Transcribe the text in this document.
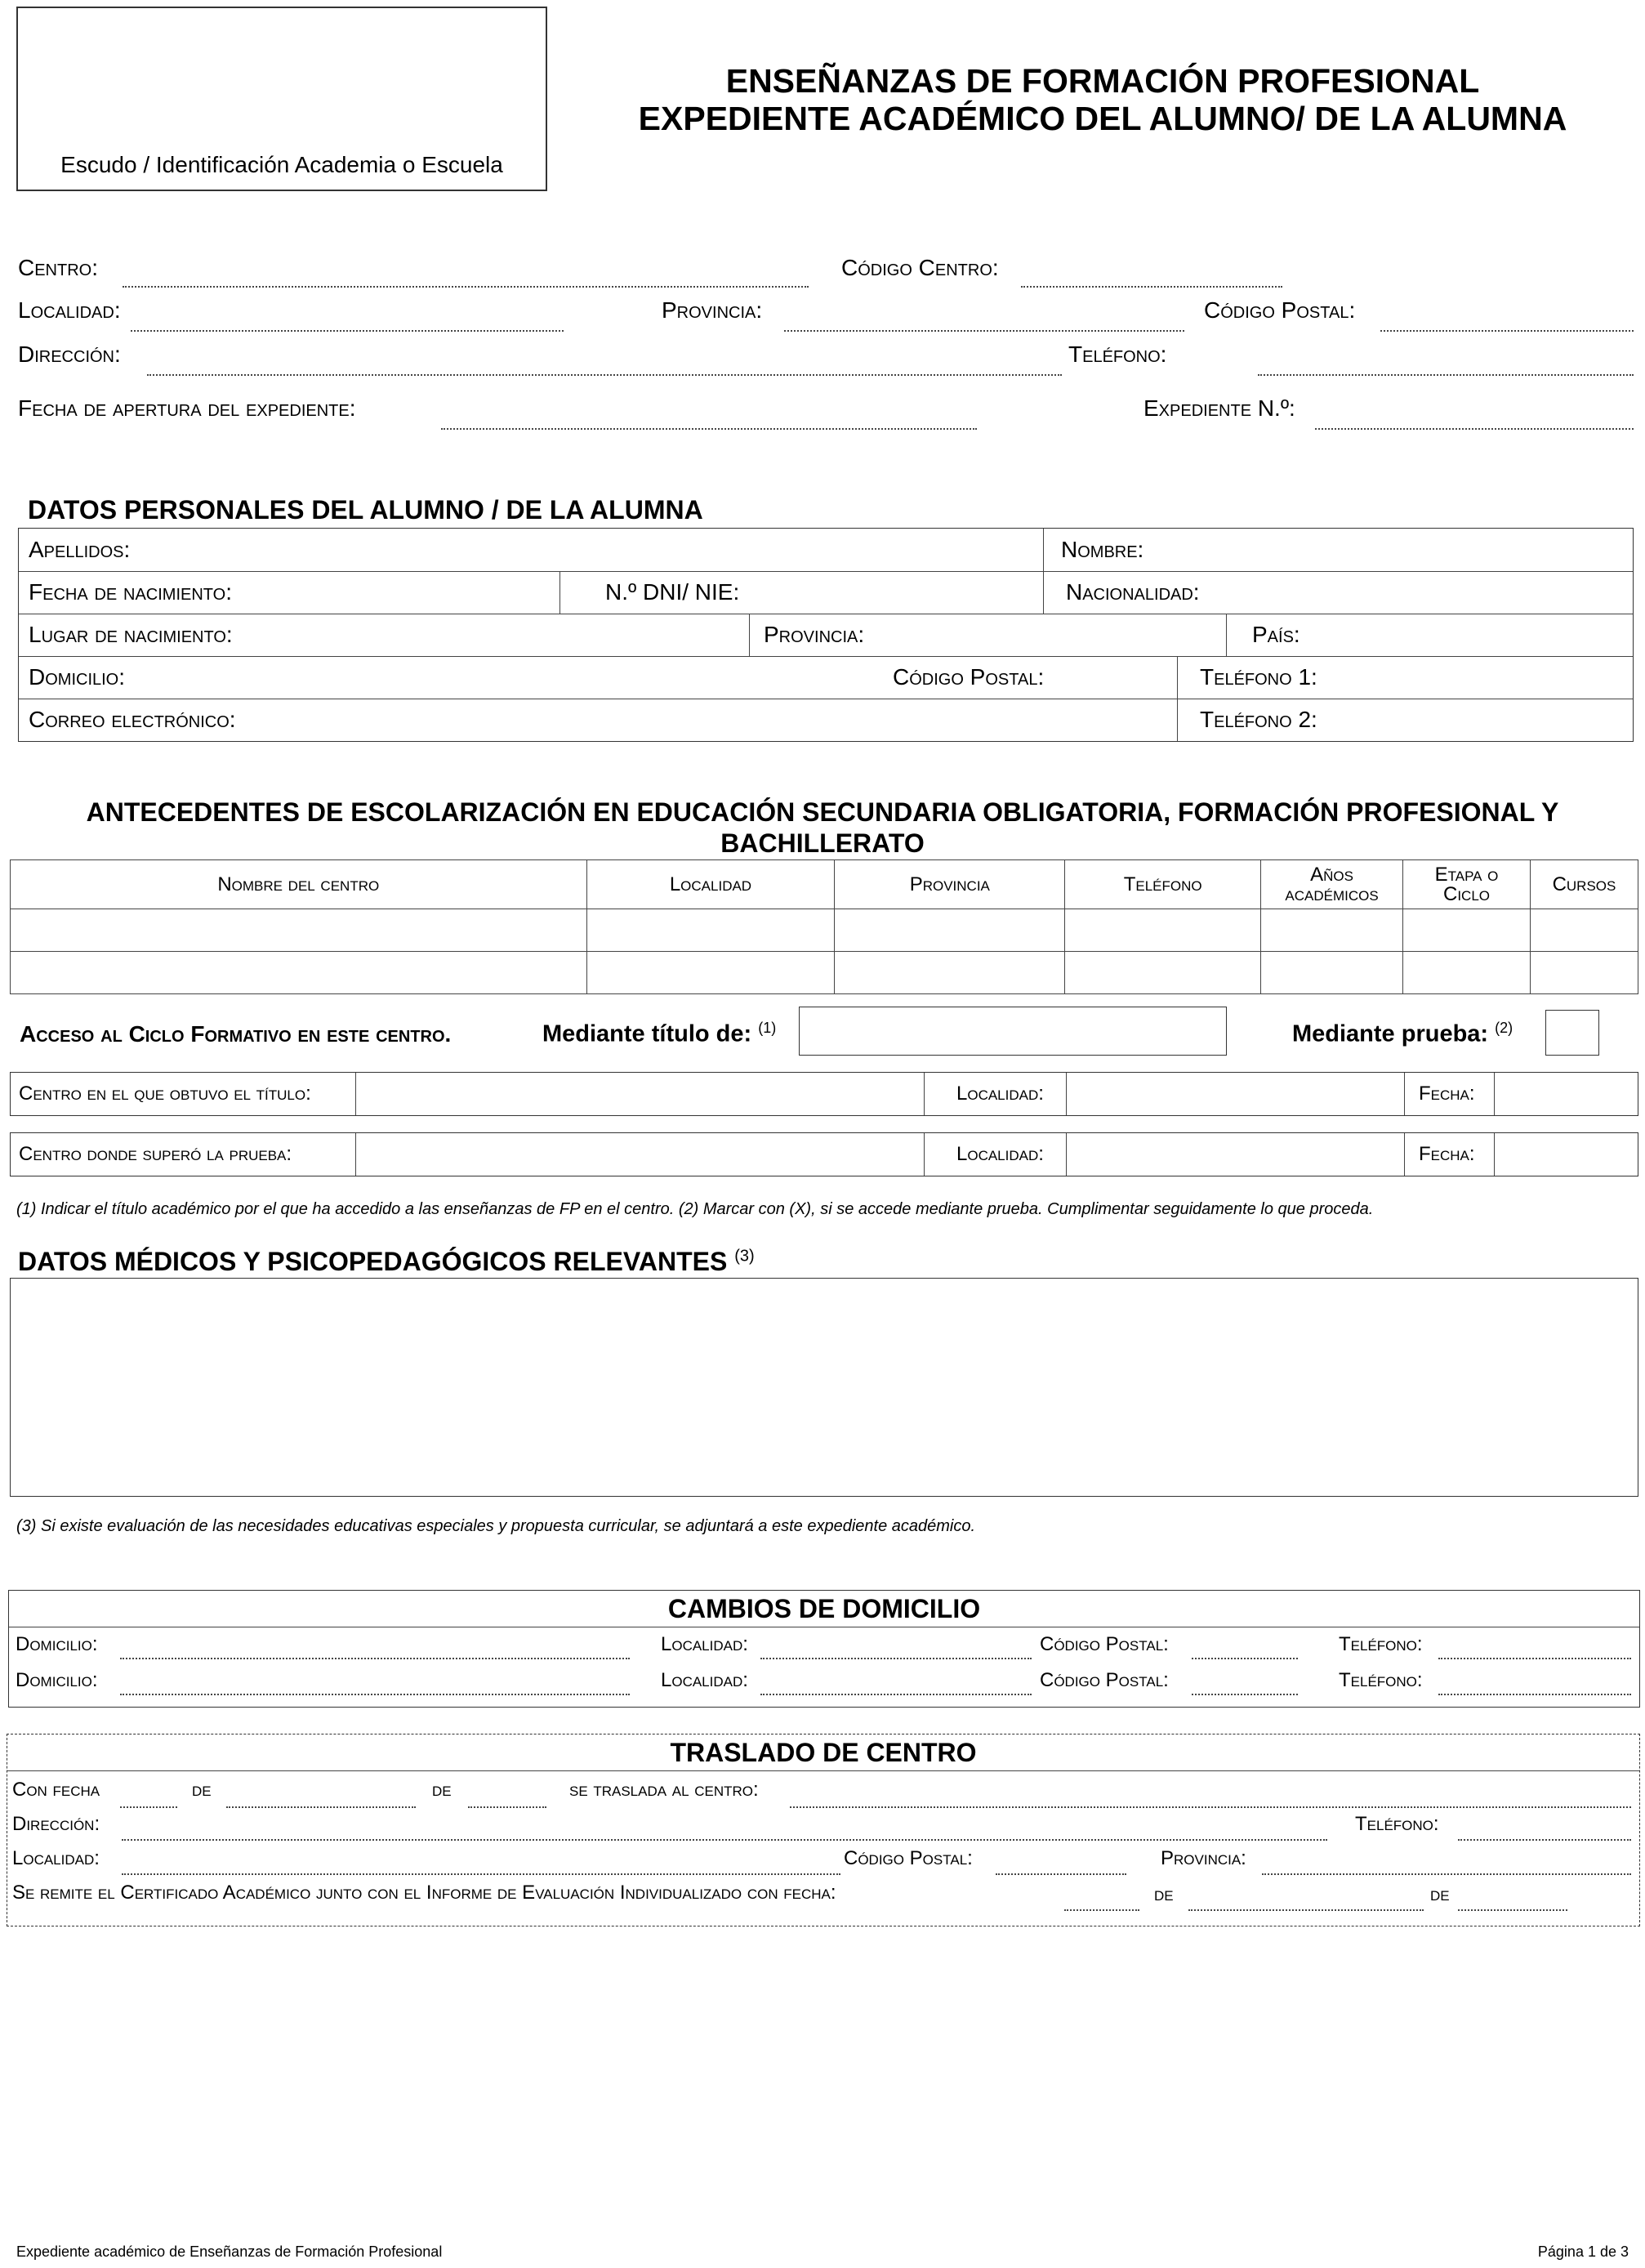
Escudo / Identificación Academia o Escuela
ENSEÑANZAS DE FORMACIÓN PROFESIONAL
EXPEDIENTE ACADÉMICO DEL ALUMNO/ DE LA ALUMNA
Centro:	Código Centro:
Localidad:	Provincia:	Código Postal:
Dirección:	Teléfono:
Fecha de apertura del expediente:	Expediente N.º:
DATOS PERSONALES DEL ALUMNO / DE LA ALUMNA
Apellidos:	Nombre:
Fecha de nacimiento:	N.º DNI/ NIE:	Nacionalidad:
Lugar de nacimiento:	Provincia:	País:
Domicilio:	Código Postal:	Teléfono 1:
Correo electrónico:	Teléfono 2:
ANTECEDENTES DE ESCOLARIZACIÓN EN EDUCACIÓN SECUNDARIA OBLIGATORIA, FORMACIÓN PROFESIONAL Y
BACHILLERATO
Nombre del centro	Localidad	Provincia	Teléfono	Años académicos	Etapa o Ciclo	Cursos

Acceso al Ciclo Formativo en este centro.	Mediante título de: $^{(1)}$	Mediante prueba: $^{(2)}$
Centro en el que obtuvo el título:	Localidad:	Fecha:
Centro donde superó la prueba:	Localidad:	Fecha:
(1) Indicar el título académico por el que ha accedido a las enseñanzas de FP en el centro. (2) Marcar con (X), si se accede mediante prueba. Cumplimentar seguidamente lo que proceda.
DATOS MÉDICOS Y PSICOPEDAGÓGICOS RELEVANTES $^{(3)}$
(3) Si existe evaluación de las necesidades educativas especiales y propuesta curricular, se adjuntará a este expediente académico.
CAMBIOS DE DOMICILIO
Domicilio:	Localidad:	Código Postal:	Teléfono:
Domicilio:	Localidad:	Código Postal:	Teléfono:
TRASLADO DE CENTRO
Con fecha	de	de	se traslada al centro:
Dirección:	Teléfono:
Localidad:	Código Postal:	Provincia:
Se remite el Certificado Académico junto con el Informe de Evaluación Individualizado con fecha:	de	de
Expediente académico de Enseñanzas de Formación Profesional	Página 1 de 3
